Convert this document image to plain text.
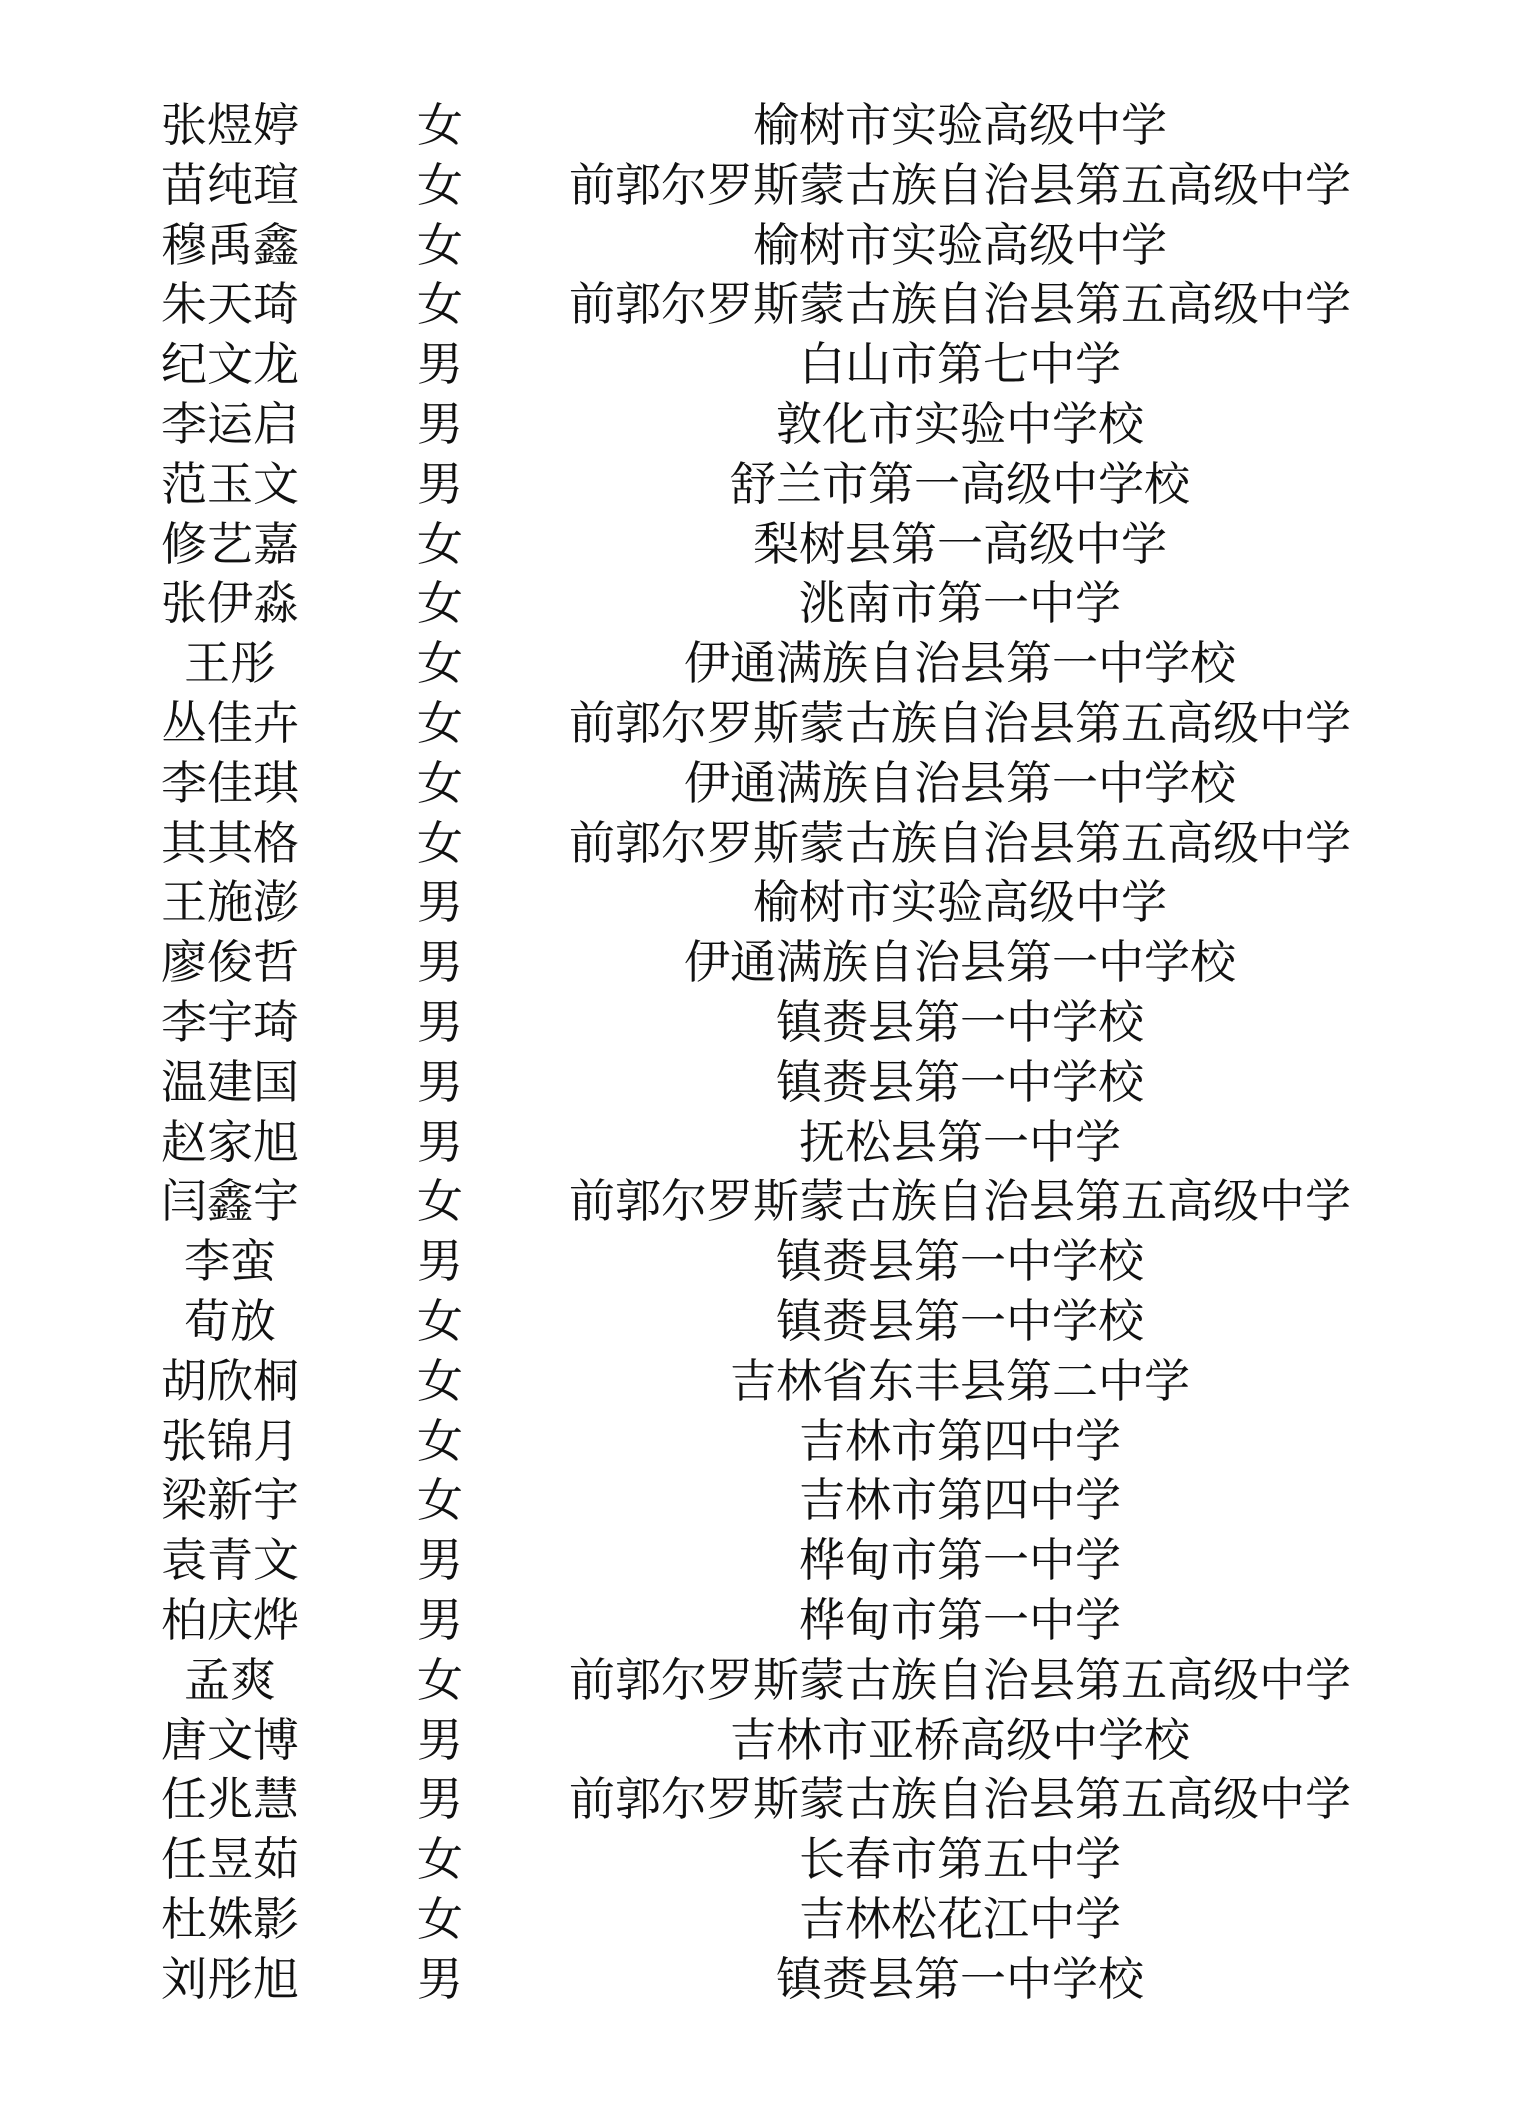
张煜婷	女	榆树市实验高级中学
苗纯瑄	女	前郭尔罗斯蒙古族自治县第五高级中学
穆禹鑫	女	榆树市实验高级中学
朱天琦	女	前郭尔罗斯蒙古族自治县第五高级中学
纪文龙	男	白山市第七中学
李运启	男	敦化市实验中学校
范玉文	男	舒兰市第一高级中学校
修艺嘉	女	梨树县第一高级中学
张伊淼	女	洮南市第一中学
王彤	女	伊通满族自治县第一中学校
丛佳卉	女	前郭尔罗斯蒙古族自治县第五高级中学
李佳琪	女	伊通满族自治县第一中学校
其其格	女	前郭尔罗斯蒙古族自治县第五高级中学
王施澎	男	榆树市实验高级中学
廖俊哲	男	伊通满族自治县第一中学校
李宇琦	男	镇赉县第一中学校
温建国	男	镇赉县第一中学校
赵家旭	男	抚松县第一中学
闫鑫宇	女	前郭尔罗斯蒙古族自治县第五高级中学
李蛮	男	镇赉县第一中学校
荀放	女	镇赉县第一中学校
胡欣桐	女	吉林省东丰县第二中学
张锦月	女	吉林市第四中学
梁新宇	女	吉林市第四中学
袁青文	男	桦甸市第一中学
柏庆烨	男	桦甸市第一中学
孟爽	女	前郭尔罗斯蒙古族自治县第五高级中学
唐文博	男	吉林市亚桥高级中学校
任兆慧	男	前郭尔罗斯蒙古族自治县第五高级中学
任昱茹	女	长春市第五中学
杜姝影	女	吉林松花江中学
刘彤旭	男	镇赉县第一中学校
